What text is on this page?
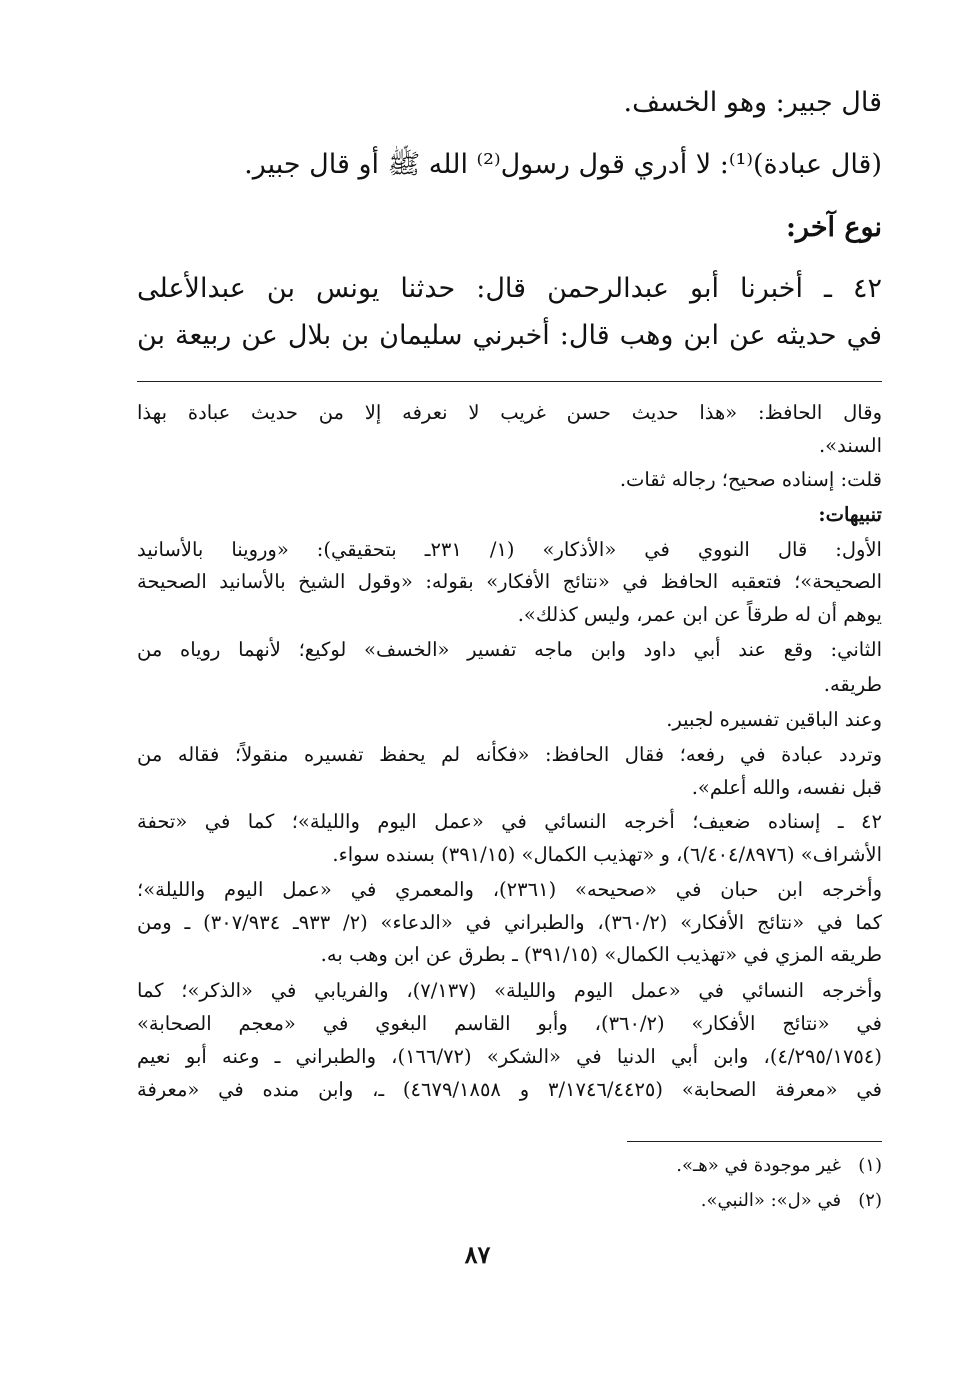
قال جبير: وهو الخسف.
(قال عبادة)⁽¹⁾: لا أدري قول رسول⁽²⁾ الله ﷺ أو قال جبير.
نوع آخر:
٤٢ ـ أخبرنا أبو عبدالرحمن قال: حدثنا يونس بن عبدالأعلى
في حديثه عن ابن وهب قال: أخبرني سليمان بن بلال عن ربيعة بن
وقال الحافظ: «هذا حديث حسن غريب لا نعرفه إلا من حديث عبادة بهذا
السند».
قلت: إسناده صحيح؛ رجاله ثقات.
تنبيهات:
الأول: قال النووي في «الأذكار» (١/ ٢٣١ـ بتحقيقي): «وروينا بالأسانيد
الصحيحة»؛ فتعقبه الحافظ في «نتائج الأفكار» بقوله: «وقول الشيخ بالأسانيد الصحيحة
يوهم أن له طرقاً عن ابن عمر، وليس كذلك».
الثاني: وقع عند أبي داود وابن ماجه تفسير «الخسف» لوكيع؛ لأنهما روياه من
طريقه.
وعند الباقين تفسيره لجبير.
وتردد عبادة في رفعه؛ فقال الحافظ: «فكأنه لم يحفظ تفسيره منقولاً؛ فقاله من
قبل نفسه، والله أعلم».
٤٢ ـ إسناده ضعيف؛ أخرجه النسائي في «عمل اليوم والليلة»؛ كما في «تحفة
الأشراف» (٦/٤٠٤/٨٩٧٦)، و «تهذيب الكمال» (٣٩١/١٥) بسنده سواء.
وأخرجه ابن حبان في «صحيحه» (٢٣٦١)، والمعمري في «عمل اليوم والليلة»؛
كما في «نتائج الأفكار» (٣٦٠/٢)، والطبراني في «الدعاء» (٢/ ٩٣٣ـ ٣٠٧/٩٣٤) ـ ومن
طريقه المزي في «تهذيب الكمال» (٣٩١/١٥) ـ بطرق عن ابن وهب به.
وأخرجه النسائي في «عمل اليوم والليلة» (٧/١٣٧)، والفريابي في «الذكر»؛ كما
في «نتائج الأفكار» (٣٦٠/٢)، وأبو القاسم البغوي في «معجم الصحابة»
(٤/٢٩٥/١٧٥٤)، وابن أبي الدنيا في «الشكر» (١٦٦/٧٢)، والطبراني ـ وعنه أبو نعيم
في «معرفة الصحابة» (٣/١٧٤٦/٤٤٢٥ و ٤٦٧٩/١٨٥٨) ـ، وابن منده في «معرفة
(١)   غير موجودة في «هـ».
(٢)   في «ل»: «النبي».
٨٧
